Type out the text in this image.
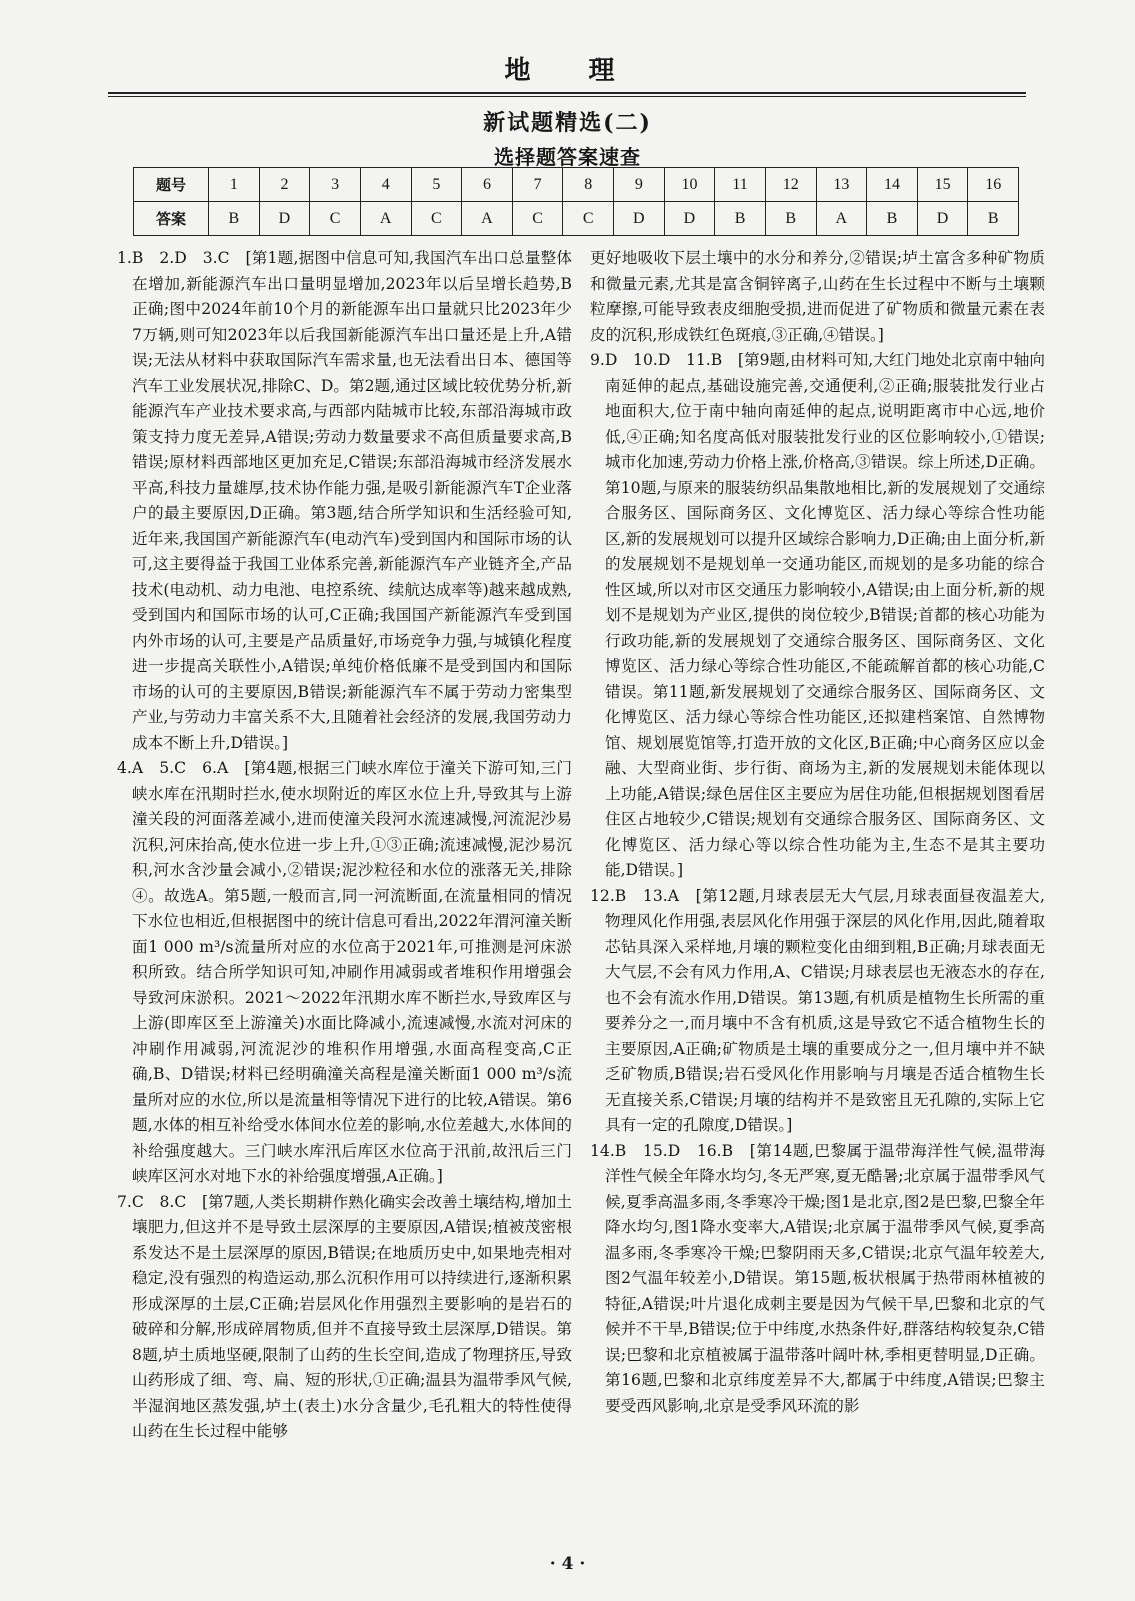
地　理
新试题精选(二)
选择题答案速查
题号	1	2	3	4	5	6	7	8	9	10	11	12	13	14	15	16
答案	B	D	C	A	C	A	C	C	D	D	B	B	A	B	D	B

1.B　2.D　3.C　[第1题,据图中信息可知,我国汽车出口总量整体在增加,新能源汽车出口量明显增加,2023年以后呈增长趋势,B正确;图中2024年前10个月的新能源车出口量就只比2023年少7万辆,则可知2023年以后我国新能源汽车出口量还是上升,A错误;无法从材料中获取国际汽车需求量,也无法看出日本、德国等汽车工业发展状况,排除C、D。第2题,通过区域比较优势分析,新能源汽车产业技术要求高,与西部内陆城市比较,东部沿海城市政策支持力度无差异,A错误;劳动力数量要求不高但质量要求高,B错误;原材料西部地区更加充足,C错误;东部沿海城市经济发展水平高,科技力量雄厚,技术协作能力强,是吸引新能源汽车T企业落户的最主要原因,D正确。第3题,结合所学知识和生活经验可知,近年来,我国国产新能源汽车(电动汽车)受到国内和国际市场的认可,这主要得益于我国工业体系完善,新能源汽车产业链齐全,产品技术(电动机、动力电池、电控系统、续航达成率等)越来越成熟,受到国内和国际市场的认可,C正确;我国国产新能源汽车受到国内外市场的认可,主要是产品质量好,市场竞争力强,与城镇化程度进一步提高关联性小,A错误;单纯价格低廉不是受到国内和国际市场的认可的主要原因,B错误;新能源汽车不属于劳动力密集型产业,与劳动力丰富关系不大,且随着社会经济的发展,我国劳动力成本不断上升,D错误。]

4.A　5.C　6.A　[第4题,根据三门峡水库位于潼关下游可知,三门峡水库在汛期时拦水,使水坝附近的库区水位上升,导致其与上游潼关段的河面落差减小,进而使潼关段河水流速减慢,河流泥沙易沉积,河床抬高,使水位进一步上升,①③正确;流速减慢,泥沙易沉积,河水含沙量会减小,②错误;泥沙粒径和水位的涨落无关,排除④。故选A。第5题,一般而言,同一河流断面,在流量相同的情况下水位也相近,但根据图中的统计信息可看出,2022年渭河潼关断面1 000 m³/s流量所对应的水位高于2021年,可推测是河床淤积所致。结合所学知识可知,冲刷作用减弱或者堆积作用增强会导致河床淤积。2021～2022年汛期水库不断拦水,导致库区与上游(即库区至上游潼关)水面比降减小,流速减慢,水流对河床的冲刷作用减弱,河流泥沙的堆积作用增强,水面高程变高,C正确,B、D错误;材料已经明确潼关高程是潼关断面1 000 m³/s流量所对应的水位,所以是流量相等情况下进行的比较,A错误。第6题,水体的相互补给受水体间水位差的影响,水位差越大,水体间的补给强度越大。三门峡水库汛后库区水位高于汛前,故汛后三门峡库区河水对地下水的补给强度增强,A正确。]

7.C　8.C　[第7题,人类长期耕作熟化确实会改善土壤结构,增加土壤肥力,但这并不是导致土层深厚的主要原因,A错误;植被茂密根系发达不是土层深厚的原因,B错误;在地质历史中,如果地壳相对稳定,没有强烈的构造运动,那么沉积作用可以持续进行,逐渐积累形成深厚的土层,C正确;岩层风化作用强烈主要影响的是岩石的破碎和分解,形成碎屑物质,但并不直接导致土层深厚,D错误。第8题,垆土质地坚硬,限制了山药的生长空间,造成了物理挤压,导致山药形成了细、弯、扁、短的形状,①正确;温县为温带季风气候,半湿润地区蒸发强,垆土(表土)水分含量少,毛孔粗大的特性使得山药在生长过程中能够

更好地吸收下层土壤中的水分和养分,②错误;垆土富含多种矿物质和微量元素,尤其是富含铜锌离子,山药在生长过程中不断与土壤颗粒摩擦,可能导致表皮细胞受损,进而促进了矿物质和微量元素在表皮的沉积,形成铁红色斑痕,③正确,④错误。]

9.D　10.D　11.B　[第9题,由材料可知,大红门地处北京南中轴向南延伸的起点,基础设施完善,交通便利,②正确;服装批发行业占地面积大,位于南中轴向南延伸的起点,说明距离市中心远,地价低,④正确;知名度高低对服装批发行业的区位影响较小,①错误;城市化加速,劳动力价格上涨,价格高,③错误。综上所述,D正确。第10题,与原来的服装纺织品集散地相比,新的发展规划了交通综合服务区、国际商务区、文化博览区、活力绿心等综合性功能区,新的发展规划可以提升区域综合影响力,D正确;由上面分析,新的发展规划不是规划单一交通功能区,而规划的是多功能的综合性区域,所以对市区交通压力影响较小,A错误;由上面分析,新的规划不是规划为产业区,提供的岗位较少,B错误;首都的核心功能为行政功能,新的发展规划了交通综合服务区、国际商务区、文化博览区、活力绿心等综合性功能区,不能疏解首都的核心功能,C错误。第11题,新发展规划了交通综合服务区、国际商务区、文化博览区、活力绿心等综合性功能区,还拟建档案馆、自然博物馆、规划展览馆等,打造开放的文化区,B正确;中心商务区应以金融、大型商业街、步行街、商场为主,新的发展规划未能体现以上功能,A错误;绿色居住区主要应为居住功能,但根据规划图看居住区占地较少,C错误;规划有交通综合服务区、国际商务区、文化博览区、活力绿心等以综合性功能为主,生态不是其主要功能,D错误。]

12.B　13.A　[第12题,月球表层无大气层,月球表面昼夜温差大,物理风化作用强,表层风化作用强于深层的风化作用,因此,随着取芯钻具深入采样地,月壤的颗粒变化由细到粗,B正确;月球表面无大气层,不会有风力作用,A、C错误;月球表层也无液态水的存在,也不会有流水作用,D错误。第13题,有机质是植物生长所需的重要养分之一,而月壤中不含有机质,这是导致它不适合植物生长的主要原因,A正确;矿物质是土壤的重要成分之一,但月壤中并不缺乏矿物质,B错误;岩石受风化作用影响与月壤是否适合植物生长无直接关系,C错误;月壤的结构并不是致密且无孔隙的,实际上它具有一定的孔隙度,D错误。]

14.B　15.D　16.B　[第14题,巴黎属于温带海洋性气候,温带海洋性气候全年降水均匀,冬无严寒,夏无酷暑;北京属于温带季风气候,夏季高温多雨,冬季寒冷干燥;图1是北京,图2是巴黎,巴黎全年降水均匀,图1降水变率大,A错误;北京属于温带季风气候,夏季高温多雨,冬季寒冷干燥;巴黎阴雨天多,C错误;北京气温年较差大,图2气温年较差小,D错误。第15题,板状根属于热带雨林植被的特征,A错误;叶片退化成刺主要是因为气候干旱,巴黎和北京的气候并不干旱,B错误;位于中纬度,水热条件好,群落结构较复杂,C错误;巴黎和北京植被属于温带落叶阔叶林,季相更替明显,D正确。第16题,巴黎和北京纬度差异不大,都属于中纬度,A错误;巴黎主要受西风影响,北京是受季风环流的影

· 4 ·
